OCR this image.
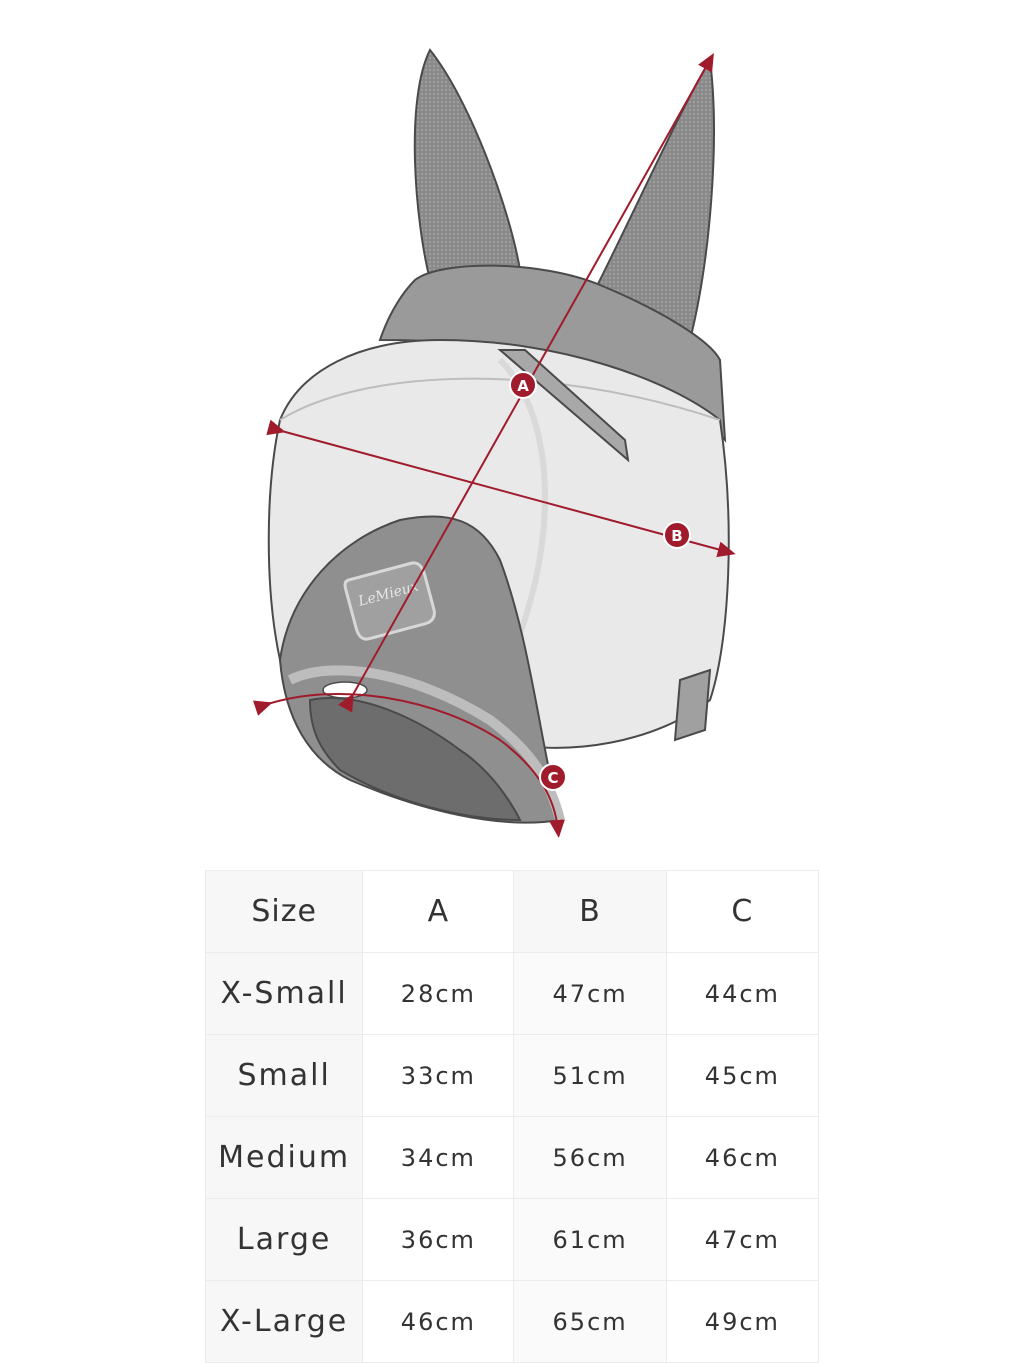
LeMieux
A
B
C
Size	A	B	C
X-Small	28cm	47cm	44cm
Small	33cm	51cm	45cm
Medium	34cm	56cm	46cm
Large	36cm	61cm	47cm
X-Large	46cm	65cm	49cm
